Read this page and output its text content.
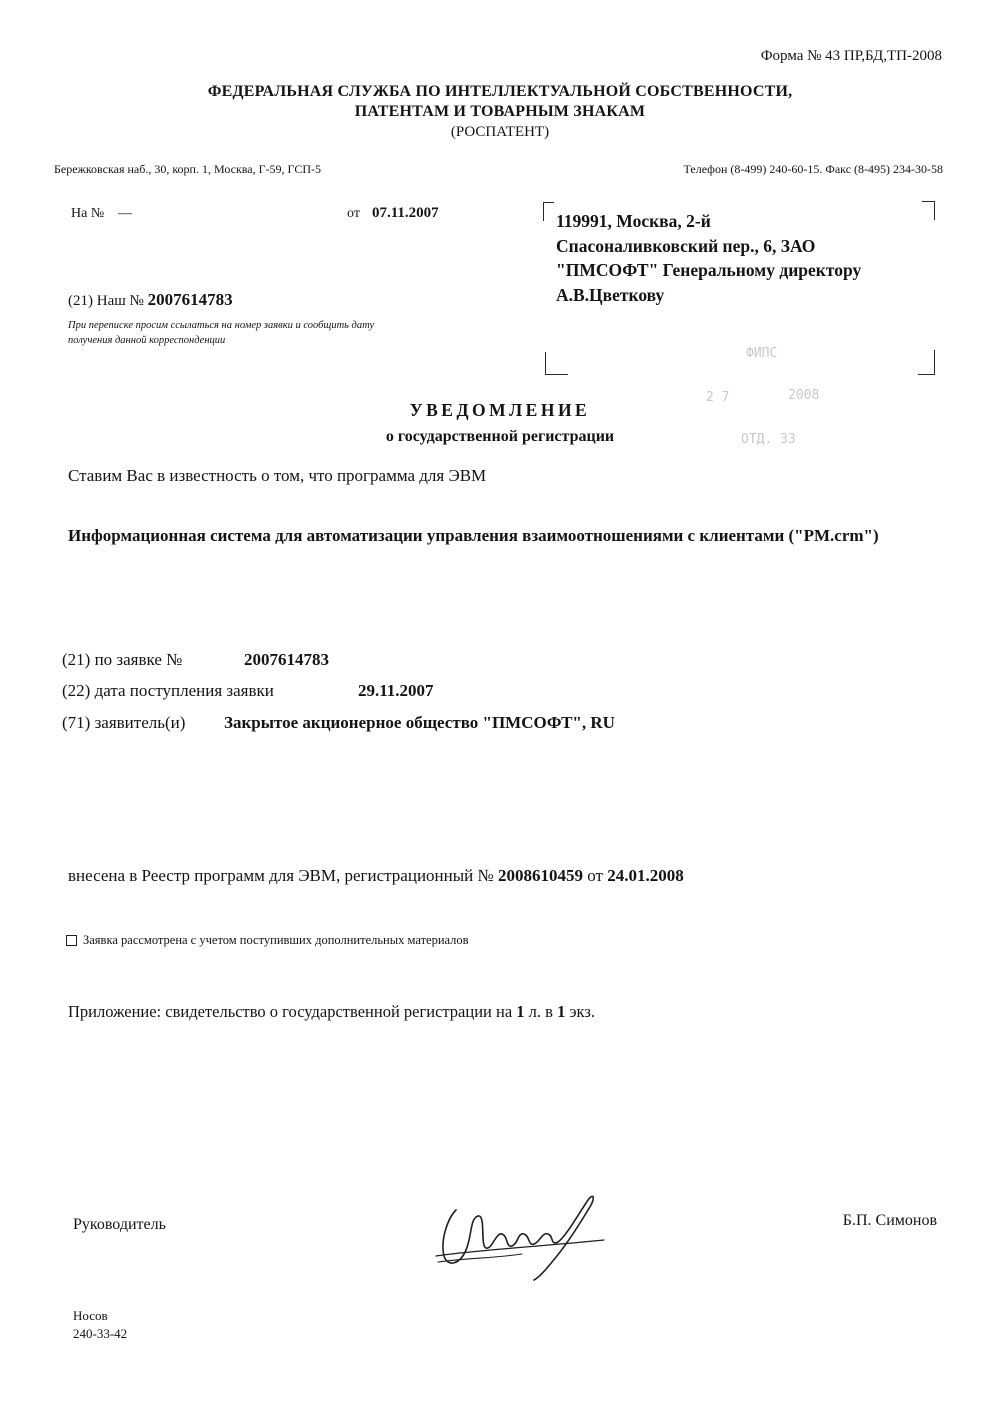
Форма № 43 ПР,БД,ТП-2008
ФЕДЕРАЛЬНАЯ СЛУЖБА ПО ИНТЕЛЛЕКТУАЛЬНОЙ СОБСТВЕННОСТИ,
ПАТЕНТАМ И ТОВАРНЫМ ЗНАКАМ
(РОСПАТЕНТ)
Бережковская наб., 30, корп. 1, Москва, Г-59, ГСП-5	Телефон (8-499) 240-60-15. Факс (8-495) 234-30-58
На № —	от 07.11.2007	119991, Москва, 2-й
Спасоналивковский пер., 6, ЗАО
"ПМСОФТ" Генеральному директору
А.В.Цветкову
(21) Наш № 2007614783
При переписке просим ссылаться на номер заявки и сообщить дату получения данной корреспонденции
ФИПС
2 7	2008
ОТД. 33
УВЕДОМЛЕНИЕ
о государственной регистрации
Ставим Вас в известность о том, что программа для ЭВМ
Информационная система для автоматизации управления взаимоотношениями с клиентами ("PM.crm")
(21) по заявке №	2007614783
(22) дата поступления заявки	29.11.2007
(71) заявитель(и) Закрытое акционерное общество "ПМСОФТ", RU
внесена в Реестр программ для ЭВМ, регистрационный № 2008610459 от 24.01.2008
Заявка рассмотрена с учетом поступивших дополнительных материалов
Приложение: свидетельство о государственной регистрации на 1 л. в 1 экз.
Руководитель	Б.П. Симонов
Носов
240-33-42
